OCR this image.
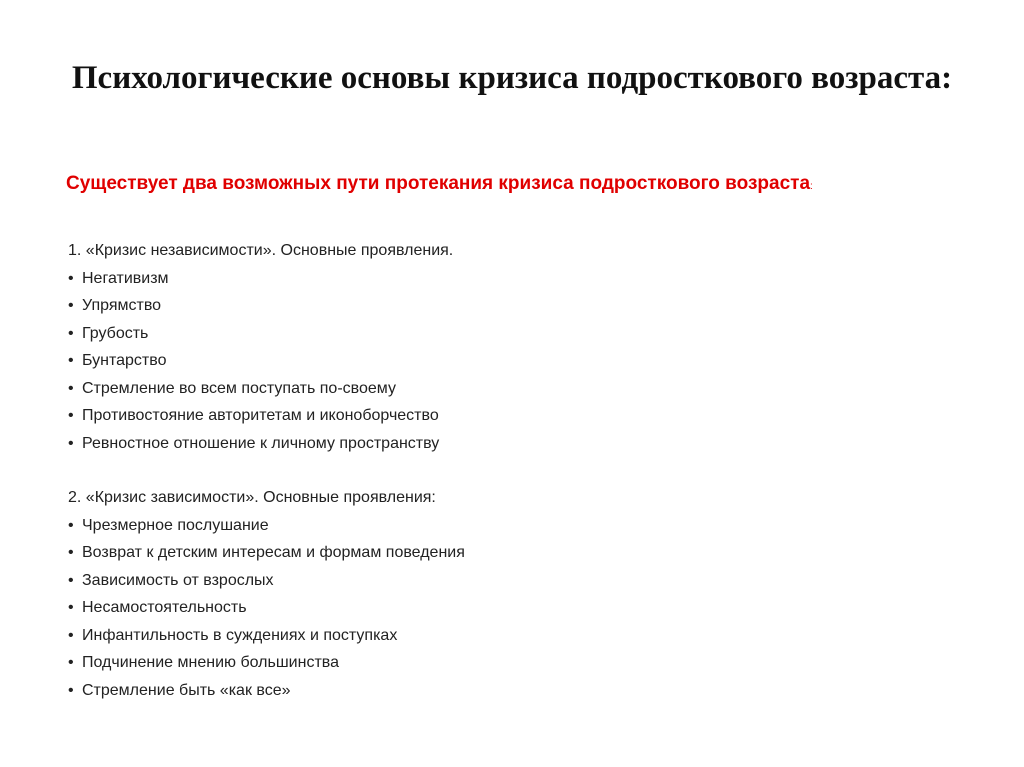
Психологические основы кризиса подросткового возраста:
Существует два возможных пути протекания кризиса подросткового возраста:
1. «Кризис независимости». Основные проявления.
• Негативизм
• Упрямство
• Грубость
• Бунтарство
• Стремление во всем поступать по-своему
• Противостояние авторитетам и иконоборчество
• Ревностное отношение к личному пространству
2. «Кризис зависимости». Основные проявления:
• Чрезмерное послушание
• Возврат к детским интересам и формам поведения
• Зависимость от взрослых
• Несамостоятельность
• Инфантильность в суждениях и поступках
• Подчинение мнению большинства
• Стремление быть «как все»
